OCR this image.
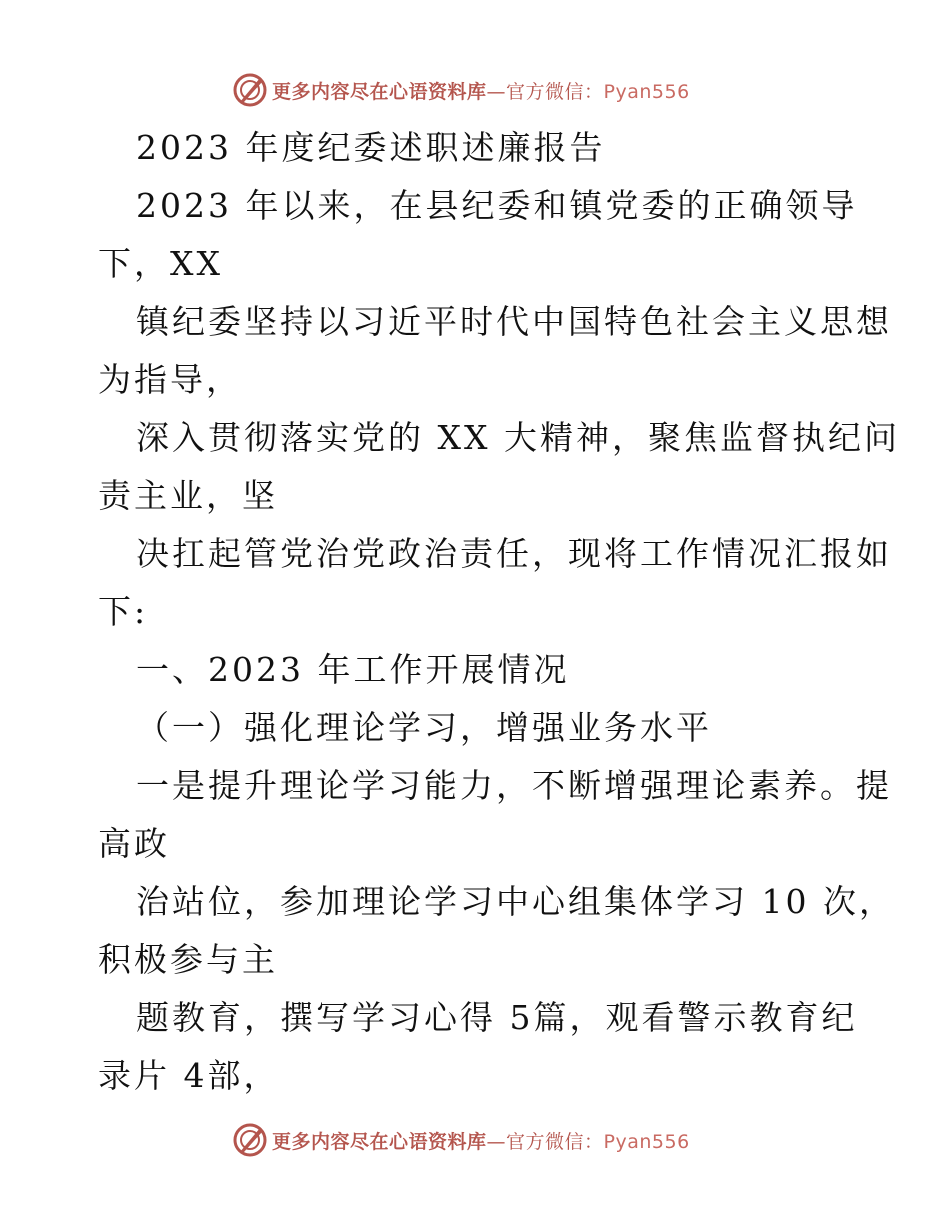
更多内容尽在心语资料库—官方微信：Pyan556
2023 年度纪委述职述廉报告
2023 年以来，在县纪委和镇党委的正确领导
下，XX
镇纪委坚持以习近平时代中国特色社会主义思想
为指导，
深入贯彻落实党的 XX 大精神，聚焦监督执纪问
责主业，坚
决扛起管党治党政治责任，现将工作情况汇报如
下:
一、2023 年工作开展情况
（一）强化理论学习，增强业务水平
一是提升理论学习能力，不断增强理论素养。提
高政
治站位，参加理论学习中心组集体学习 10 次，
积极参与主
题教育，撰写学习心得 5篇，观看警示教育纪
录片 4部，
更多内容尽在心语资料库—官方微信：Pyan556
